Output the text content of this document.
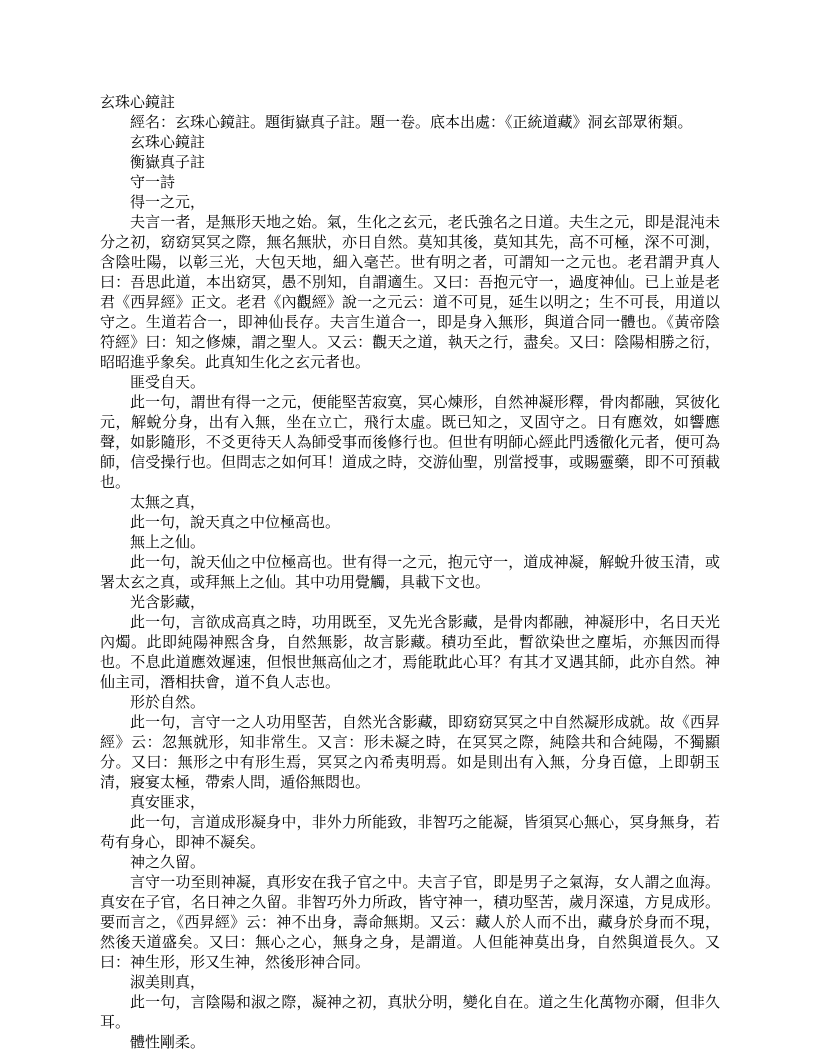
玄珠心鏡註

經名：玄珠心鏡註。題街嶽真子註。題一卷。底本出處：《正統道藏》洞玄部眾術類。

玄珠心鏡註

衡嶽真子註

守一詩

得一之元，

夫言一者，是無形天地之始。氣，生化之玄元，老氏強名之日道。夫生之元，即是混沌未分之初，窈窈冥冥之際，無名無狀，亦日自然。莫知其後，莫知其先，高不可極，深不可測，含陰吐陽，以彰三光，大包天地，細入毫芒。世有明之者，可謂知一之元也。老君謂尹真人曰：吾思此道，本出窈冥，愚不別知，自謂適生。又曰：吾抱元守一，過度神仙。已上並是老君《西昇經》正文。老君《內觀經》說一之元云：道不可見，延生以明之；生不可長，用道以守之。生道若合一，即神仙長存。夫言生道合一，即是身入無形，與道合同一體也。《黃帝陰符經》曰：知之修煉，謂之聖人。又云：觀天之道，執天之行，盡矣。又曰：陰陽相勝之衍，昭昭進乎象矣。此真知生化之玄元者也。

匪受自天。

此一句，謂世有得一之元，便能堅苦寂寞，冥心煉形，自然神凝形釋，骨肉都融，冥彼化元，解蛻分身，出有入無，坐在立亡，飛行太虛。既已知之，叉固守之。日有應效，如響應聲，如影隨形，不爻更待天人為師受事而後修行也。但世有明師心經此門透徹化元者，便可為師，信受操行也。但問志之如何耳！道成之時，交游仙聖，別當授事，或賜靈藥，即不可預載也。

太無之真，

此一句，說天真之中位極高也。

無上之仙。

此一句，說天仙之中位極高也。世有得一之元，抱元守一，道成神凝，解蛻升彼玉清，或署太玄之真，或拜無上之仙。其中功用覺觸，具載下文也。

光含影藏，

此一句，言欲成高真之時，功用既至，叉先光含影藏，是骨肉都融，神凝形中，名日天光內燭。此即純陽神熙含身，自然無影，故言影藏。積功至此，暫欲染世之塵垢，亦無因而得也。不息此道應效遲速，但恨世無高仙之才，焉能耽此心耳？有其才叉遇其師，此亦自然。神仙主司，潛相扶會，道不負人志也。

形於自然。

此一句，言守一之人功用堅苦，自然光含影藏，即窈窈冥冥之中自然凝形成就。故《西昇經》云：忽無就形，知非常生。又言：形未凝之時，在冥冥之際，純陰共和合純陽，不獨顯分。又曰：無形之中有形生焉，冥冥之內希夷明焉。如是則出有入無，分身百億，上即朝玉清，寢宴太極，帶索人問，遁俗無悶也。

真安匪求，

此一句，言道成形凝身中，非外力所能致，非智巧之能凝，皆須冥心無心，冥身無身，若苟有身心，即神不凝矣。

神之久留。

言守一功至則神凝，真形安在我子官之中。夫言子官，即是男子之氣海，女人謂之血海。真安在子官，名日神之久留。非智巧外力所政，皆守神一，積功堅苦，歲月深遠，方見成形。要而言之，《西昇經》云：神不出身，壽命無期。又云：藏人於人而不出，藏身於身而不現，然後天道盛矣。又曰：無心之心，無身之身，是謂道。人但能神莫出身，自然與道長久。又曰：神生形，形又生神，然後形神合同。

淑美則真，

此一句，言陰陽和淑之際，凝神之初，真狀分明，變化自在。道之生化萬物亦爾，但非久耳。

體性剛柔。
